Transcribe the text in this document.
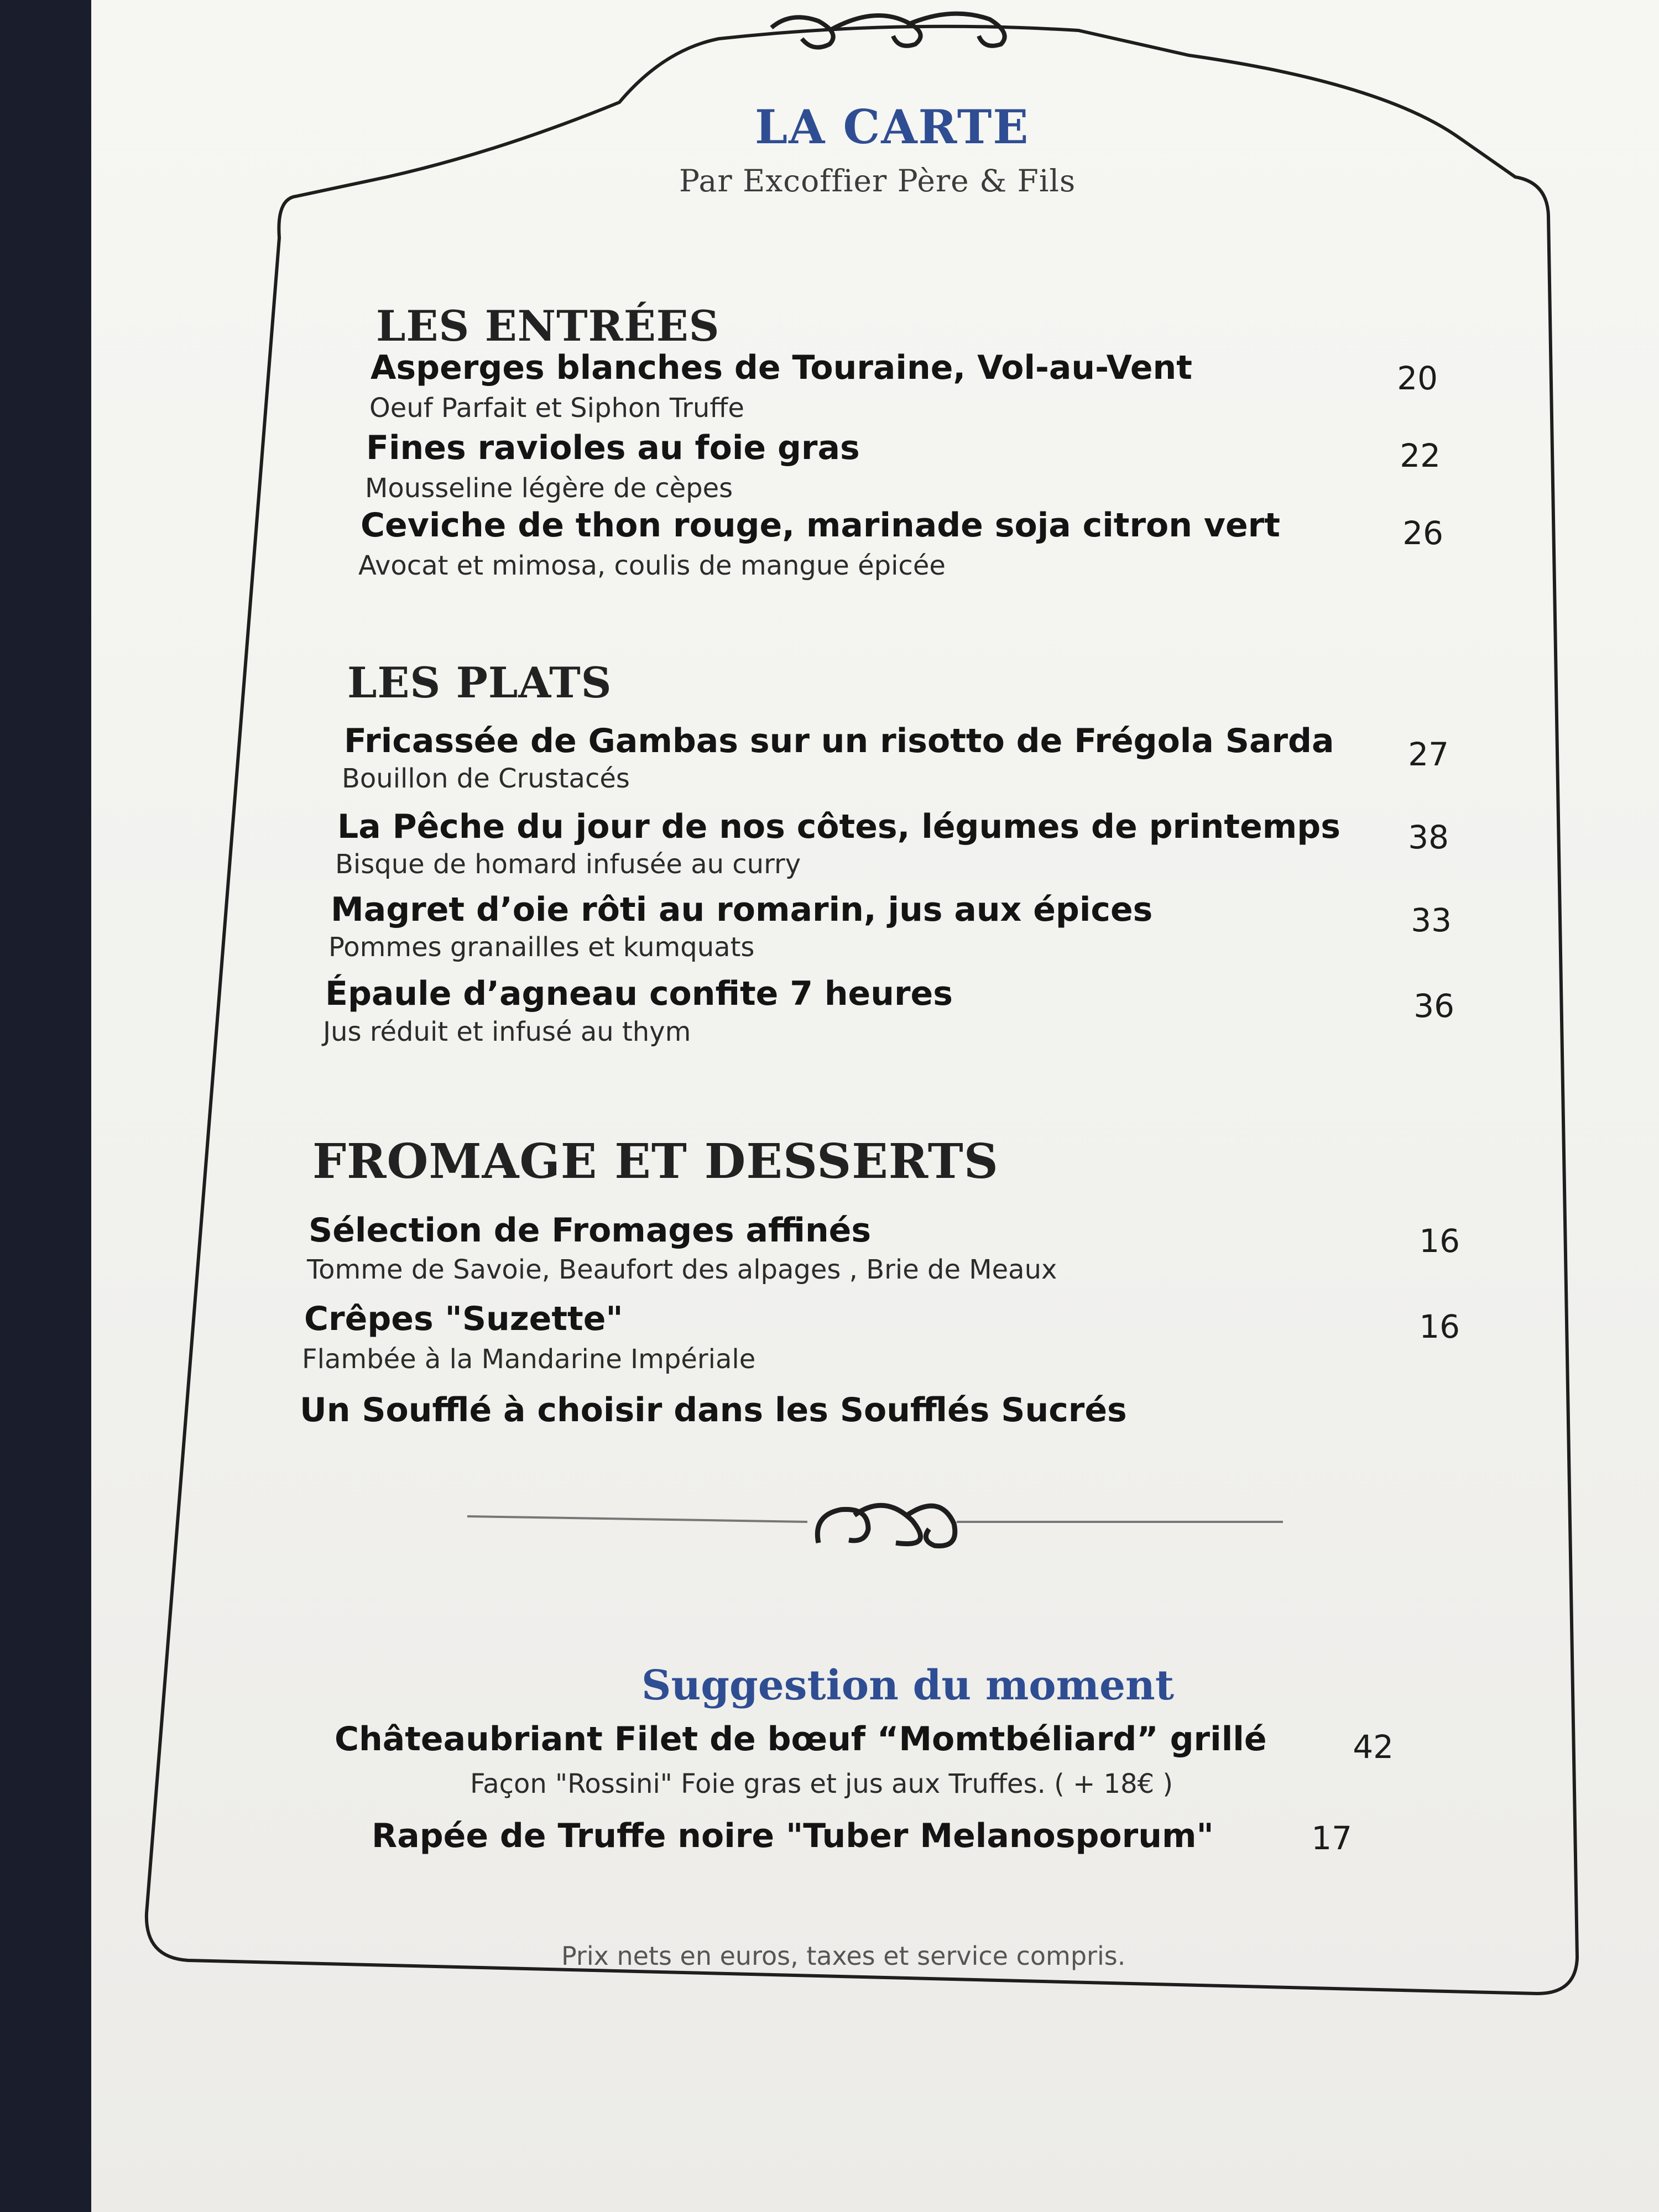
LA CARTE
Par Excoffier Père & Fils
LES ENTRÉES
Asperges blanches de Touraine, Vol-au-Vent
Oeuf Parfait et Siphon Truffe
20
Fines ravioles au foie gras
Mousseline légère de cèpes
22
Ceviche de thon rouge, marinade soja citron vert
Avocat et mimosa, coulis de mangue épicée
26
LES PLATS
Fricassée de Gambas sur un risotto de Frégola Sarda
Bouillon de Crustacés
27
La Pêche du jour de nos côtes, légumes de printemps
Bisque de homard infusée au curry
38
Magret d’oie rôti au romarin, jus aux épices
Pommes granailles et kumquats
33
Épaule d’agneau confite 7 heures
Jus réduit et infusé au thym
36
FROMAGE ET DESSERTS
Sélection de Fromages affinés
Tomme de Savoie, Beaufort des alpages , Brie de Meaux
16
Crêpes "Suzette"
Flambée à la Mandarine Impériale
16
Un Soufflé à choisir dans les Soufflés Sucrés
Suggestion du moment
Châteaubriant Filet de bœuf “Momtbéliard” grillé
Façon "Rossini" Foie gras et jus aux Truffes. ( + 18€ )
42
Rapée de Truffe noire "Tuber Melanosporum"	17
Prix nets en euros, taxes et service compris.
